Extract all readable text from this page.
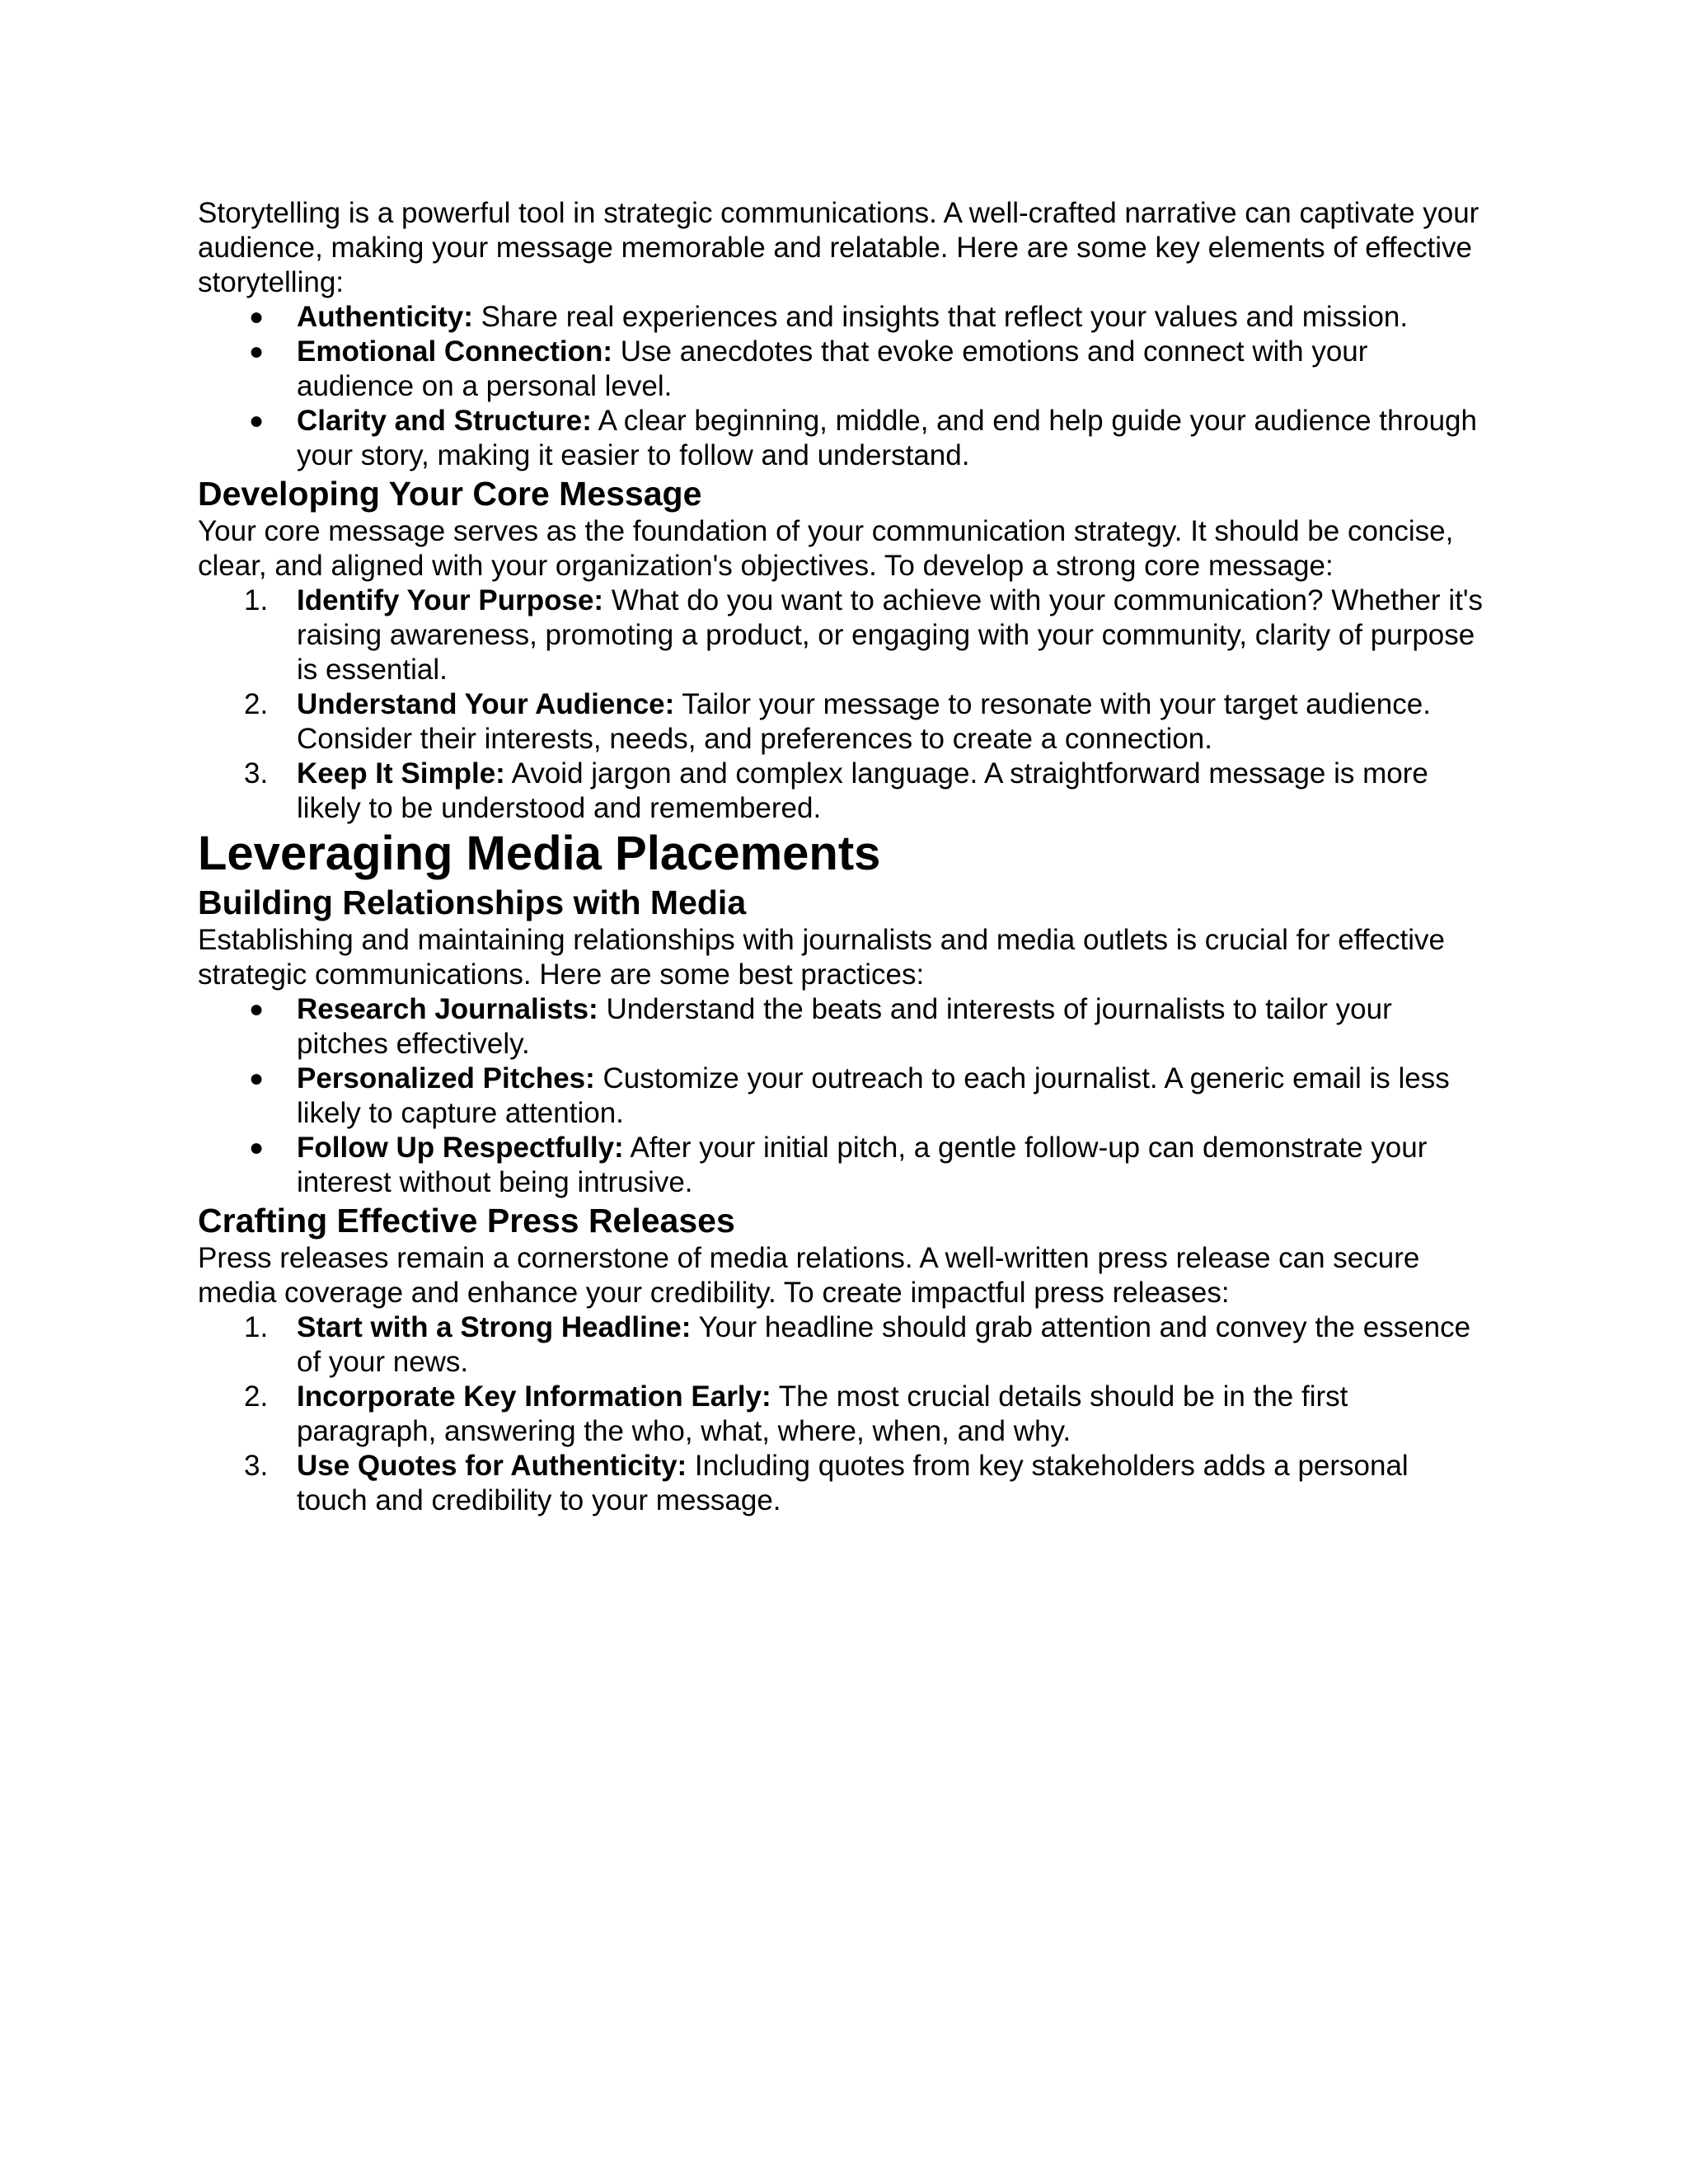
Storytelling is a powerful tool in strategic communications. A well-crafted narrative can captivate your audience, making your message memorable and relatable. Here are some key elements of effective storytelling:

●	Authenticity: Share real experiences and insights that reflect your values and mission.
●	Emotional Connection: Use anecdotes that evoke emotions and connect with your audience on a personal level.
●	Clarity and Structure: A clear beginning, middle, and end help guide your audience through your story, making it easier to follow and understand.
Developing Your Core Message

Your core message serves as the foundation of your communication strategy. It should be concise, clear, and aligned with your organization's objectives. To develop a strong core message:

1. Identify Your Purpose: What do you want to achieve with your communication? Whether it's raising awareness, promoting a product, or engaging with your community, clarity of purpose is essential.
2. Understand Your Audience: Tailor your message to resonate with your target audience. Consider their interests, needs, and preferences to create a connection.
3. Keep It Simple: Avoid jargon and complex language. A straightforward message is more likely to be understood and remembered.
Leveraging Media Placements
Building Relationships with Media

Establishing and maintaining relationships with journalists and media outlets is crucial for effective strategic communications. Here are some best practices:

●	Research Journalists: Understand the beats and interests of journalists to tailor your pitches effectively.
●	Personalized Pitches: Customize your outreach to each journalist. A generic email is less likely to capture attention.
●	Follow Up Respectfully: After your initial pitch, a gentle follow-up can demonstrate your interest without being intrusive.
Crafting Effective Press Releases

Press releases remain a cornerstone of media relations. A well-written press release can secure media coverage and enhance your credibility. To create impactful press releases:

1. Start with a Strong Headline: Your headline should grab attention and convey the essence of your news.
2. Incorporate Key Information Early: The most crucial details should be in the first paragraph, answering the who, what, where, when, and why.
3. Use Quotes for Authenticity: Including quotes from key stakeholders adds a personal touch and credibility to your message.
